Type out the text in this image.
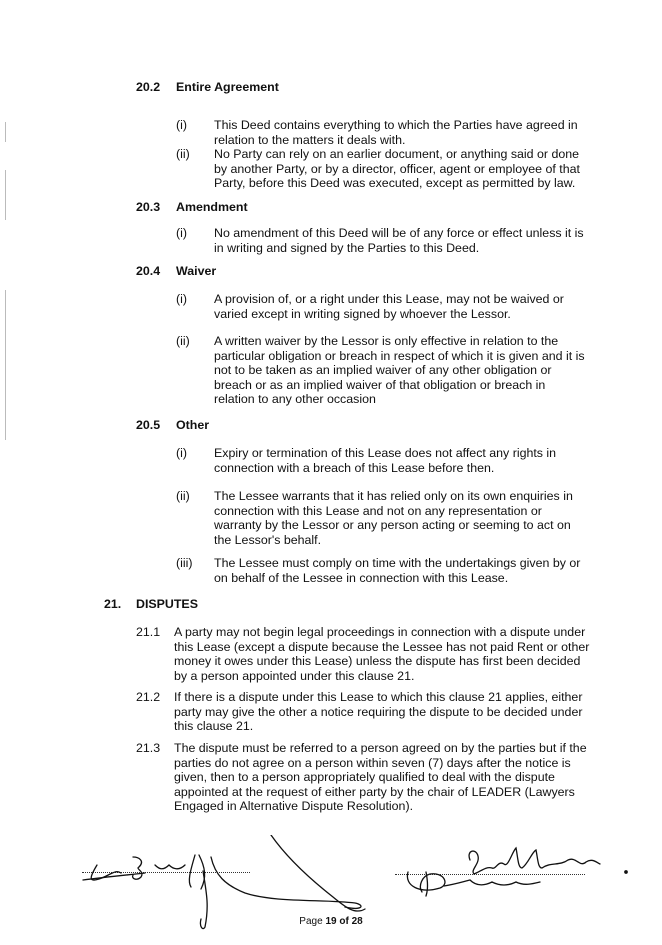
20.2 Entire Agreement
(i) This Deed contains everything to which the Parties have agreed in
relation to the matters it deals with.
(ii) No Party can rely on an earlier document, or anything said or done
by another Party, or by a director, officer, agent or employee of that
Party, before this Deed was executed, except as permitted by law.
20.3 Amendment
(i) No amendment of this Deed will be of any force or effect unless it is
in writing and signed by the Parties to this Deed.
20.4 Waiver
(i) A provision of, or a right under this Lease, may not be waived or
varied except in writing signed by whoever the Lessor.
(ii) A written waiver by the Lessor is only effective in relation to the
particular obligation or breach in respect of which it is given and it is
not to be taken as an implied waiver of any other obligation or
breach or as an implied waiver of that obligation or breach in
relation to any other occasion
20.5 Other
(i) Expiry or termination of this Lease does not affect any rights in
connection with a breach of this Lease before then.
(ii) The Lessee warrants that it has relied only on its own enquiries in
connection with this Lease and not on any representation or
warranty by the Lessor or any person acting or seeming to act on
the Lessor's behalf.
(iii) The Lessee must comply on time with the undertakings given by or
on behalf of the Lessee in connection with this Lease.
21. DISPUTES
21.1 A party may not begin legal proceedings in connection with a dispute under
this Lease (except a dispute because the Lessee has not paid Rent or other
money it owes under this Lease) unless the dispute has first been decided
by a person appointed under this clause 21.
21.2 If there is a dispute under this Lease to which this clause 21 applies, either
party may give the other a notice requiring the dispute to be decided under
this clause 21.
21.3 The dispute must be referred to a person agreed on by the parties but if the
parties do not agree on a person within seven (7) days after the notice is
given, then to a person appropriately qualified to deal with the dispute
appointed at the request of either party by the chair of LEADER (Lawyers
Engaged in Alternative Dispute Resolution).
Page 19 of 28
